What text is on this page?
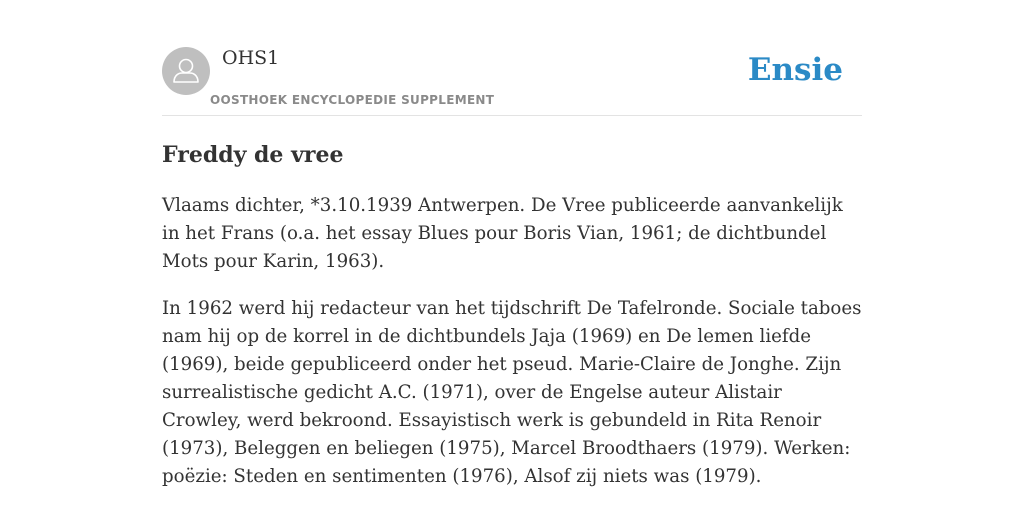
OHS1
OOSTHOEK ENCYCLOPEDIE SUPPLEMENT
Ensie
Freddy de vree

Vlaams dichter, *3.10.1939 Antwerpen. De Vree publiceerde aanvankelijk in het Frans (o.a. het essay Blues pour Boris Vian, 1961; de dichtbundel Mots pour Karin, 1963).

In 1962 werd hij redacteur van het tijdschrift De Tafelronde. Sociale taboes nam hij op de korrel in de dichtbundels Jaja (1969) en De lemen liefde (1969), beide gepubliceerd onder het pseud. Marie-Claire de Jonghe. Zijn surrealistische gedicht A.C. (1971), over de Engelse auteur Alistair Crowley, werd bekroond. Essayistisch werk is gebundeld in Rita Renoir (1973), Beleggen en beliegen (1975), Marcel Broodthaers (1979). Werken: poëzie: Steden en sentimenten (1976), Alsof zij niets was (1979).
